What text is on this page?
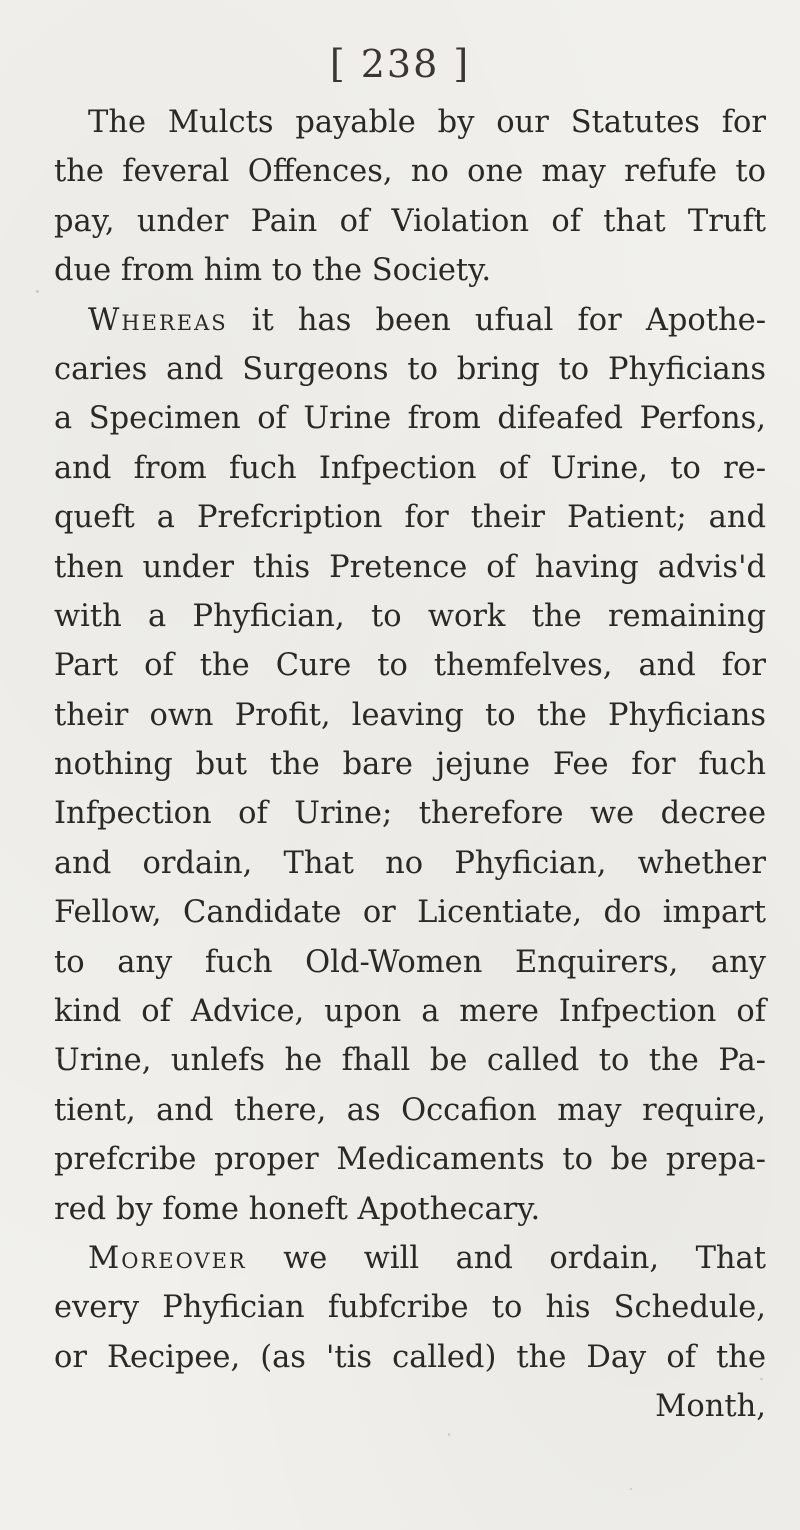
[ 238 ]
The Mulcts payable by our Statutes for
the feveral Offences, no one may refufe to
pay, under Pain of Violation of that Truft
due from him to the Society.
Whereas it has been ufual for Apothe-
caries and Surgeons to bring to Phyficians
a Specimen of Urine from difeafed Perfons,
and from fuch Infpection of Urine, to re-
queft a Prefcription for their Patient; and
then under this Pretence of having advis'd
with a Phyfician, to work the remaining
Part of the Cure to themfelves, and for
their own Profit, leaving to the Phyficians
nothing but the bare jejune Fee for fuch
Infpection of Urine; therefore we decree
and ordain, That no Phyfician, whether
Fellow, Candidate or Licentiate, do impart
to any fuch Old-Women Enquirers, any
kind of Advice, upon a mere Infpection of
Urine, unlefs he fhall be called to the Pa-
tient, and there, as Occafion may require,
prefcribe proper Medicaments to be prepa-
red by fome honeft Apothecary.
Moreover we will and ordain, That
every Phyfician fubfcribe to his Schedule,
or Recipee, (as 'tis called) the Day of the
Month,
